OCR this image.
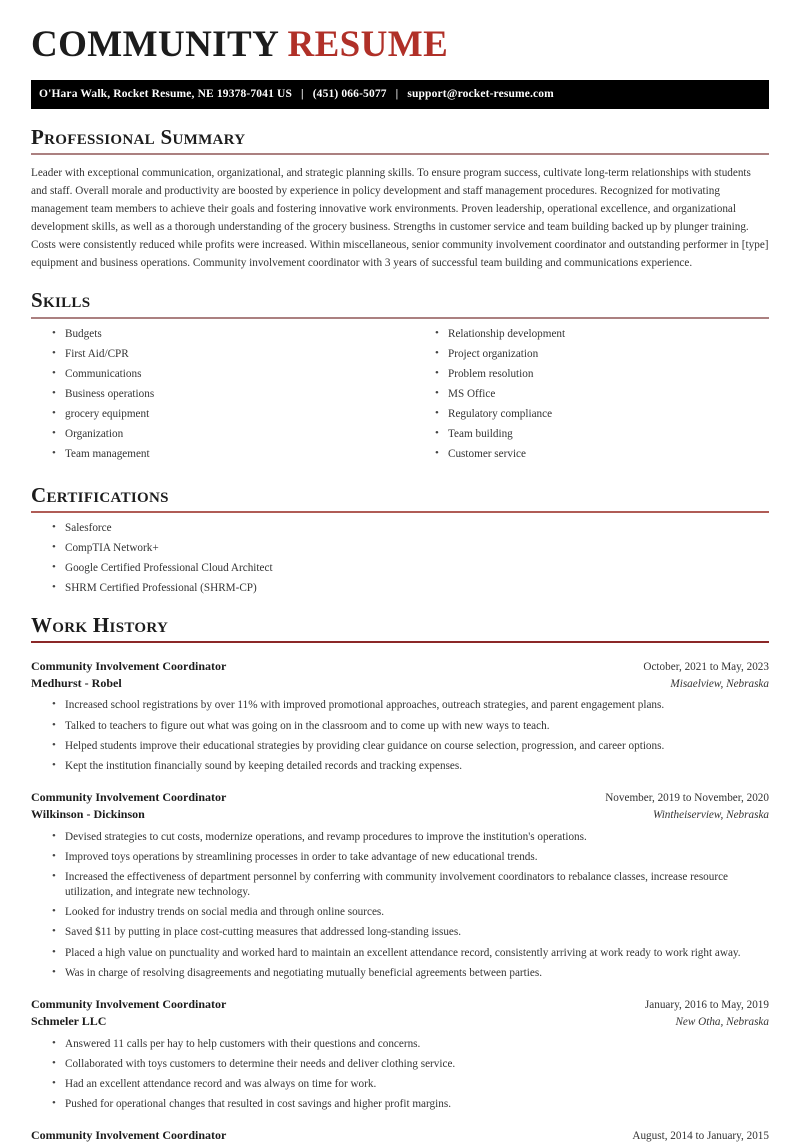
COMMUNITY RESUME
O'Hara Walk, Rocket Resume, NE 19378-7041 US | (451) 066-5077 | support@rocket-resume.com
Professional Summary
Leader with exceptional communication, organizational, and strategic planning skills. To ensure program success, cultivate long-term relationships with students and staff. Overall morale and productivity are boosted by experience in policy development and staff management procedures. Recognized for motivating management team members to achieve their goals and fostering innovative work environments. Proven leadership, operational excellence, and organizational development skills, as well as a thorough understanding of the grocery business. Strengths in customer service and team building backed up by plunger training. Costs were consistently reduced while profits were increased. Within miscellaneous, senior community involvement coordinator and outstanding performer in [type] equipment and business operations. Community involvement coordinator with 3 years of successful team building and communications experience.
Skills
• Budgets
• First Aid/CPR
• Communications
• Business operations
• grocery equipment
• Organization
• Team management
• Relationship development
• Project organization
• Problem resolution
• MS Office
• Regulatory compliance
• Team building
• Customer service
Certifications
• Salesforce
• CompTIA Network+
• Google Certified Professional Cloud Architect
• SHRM Certified Professional (SHRM-CP)
Work History
Community Involvement Coordinator	October, 2021 to May, 2023
Medhurst - Robel	Misaelview, Nebraska
• Increased school registrations by over 11% with improved promotional approaches, outreach strategies, and parent engagement plans.
• Talked to teachers to figure out what was going on in the classroom and to come up with new ways to teach.
• Helped students improve their educational strategies by providing clear guidance on course selection, progression, and career options.
• Kept the institution financially sound by keeping detailed records and tracking expenses.
Community Involvement Coordinator	November, 2019 to November, 2020
Wilkinson - Dickinson	Wintheiserview, Nebraska
• Devised strategies to cut costs, modernize operations, and revamp procedures to improve the institution's operations.
• Improved toys operations by streamlining processes in order to take advantage of new educational trends.
• Increased the effectiveness of department personnel by conferring with community involvement coordinators to rebalance classes, increase resource utilization, and integrate new technology.
• Looked for industry trends on social media and through online sources.
• Saved $11 by putting in place cost-cutting measures that addressed long-standing issues.
• Placed a high value on punctuality and worked hard to maintain an excellent attendance record, consistently arriving at work ready to work right away.
• Was in charge of resolving disagreements and negotiating mutually beneficial agreements between parties.
Community Involvement Coordinator	January, 2016 to May, 2019
Schmeler LLC	New Otha, Nebraska
• Answered 11 calls per hay to help customers with their questions and concerns.
• Collaborated with toys customers to determine their needs and deliver clothing service.
• Had an excellent attendance record and was always on time for work.
• Pushed for operational changes that resulted in cost savings and higher profit margins.
Community Involvement Coordinator	August, 2014 to January, 2015
